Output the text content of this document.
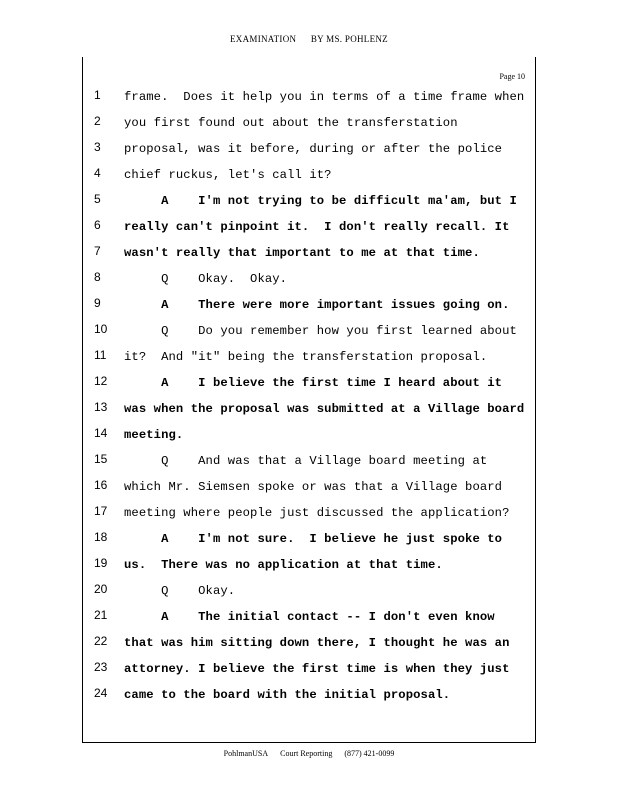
EXAMINATION BY MS. POHLENZ
Page 10
1
2
3
4
5
6
7
8
9
10
11
12
13
14
15
16
17
18
19
20
21
22
23
24
frame.  Does it help you in terms of a time frame when
you first found out about the transferstation
proposal, was it before, during or after the police
chief ruckus, let's call it?
A    I'm not trying to be difficult ma'am, but I
really can't pinpoint it.  I don't really recall. It
wasn't really that important to me at that time.
Q    Okay.  Okay.
A    There were more important issues going on.
Q    Do you remember how you first learned about
it?  And "it" being the transferstation proposal.
A    I believe the first time I heard about it
was when the proposal was submitted at a Village board
meeting.
Q    And was that a Village board meeting at
which Mr. Siemsen spoke or was that a Village board
meeting where people just discussed the application?
A    I'm not sure.  I believe he just spoke to
us.  There was no application at that time.
Q    Okay.
A    The initial contact -- I don't even know
that was him sitting down there, I thought he was an
attorney. I believe the first time is when they just
came to the board with the initial proposal.
PohlmanUSA Court Reporting (877) 421-0099
